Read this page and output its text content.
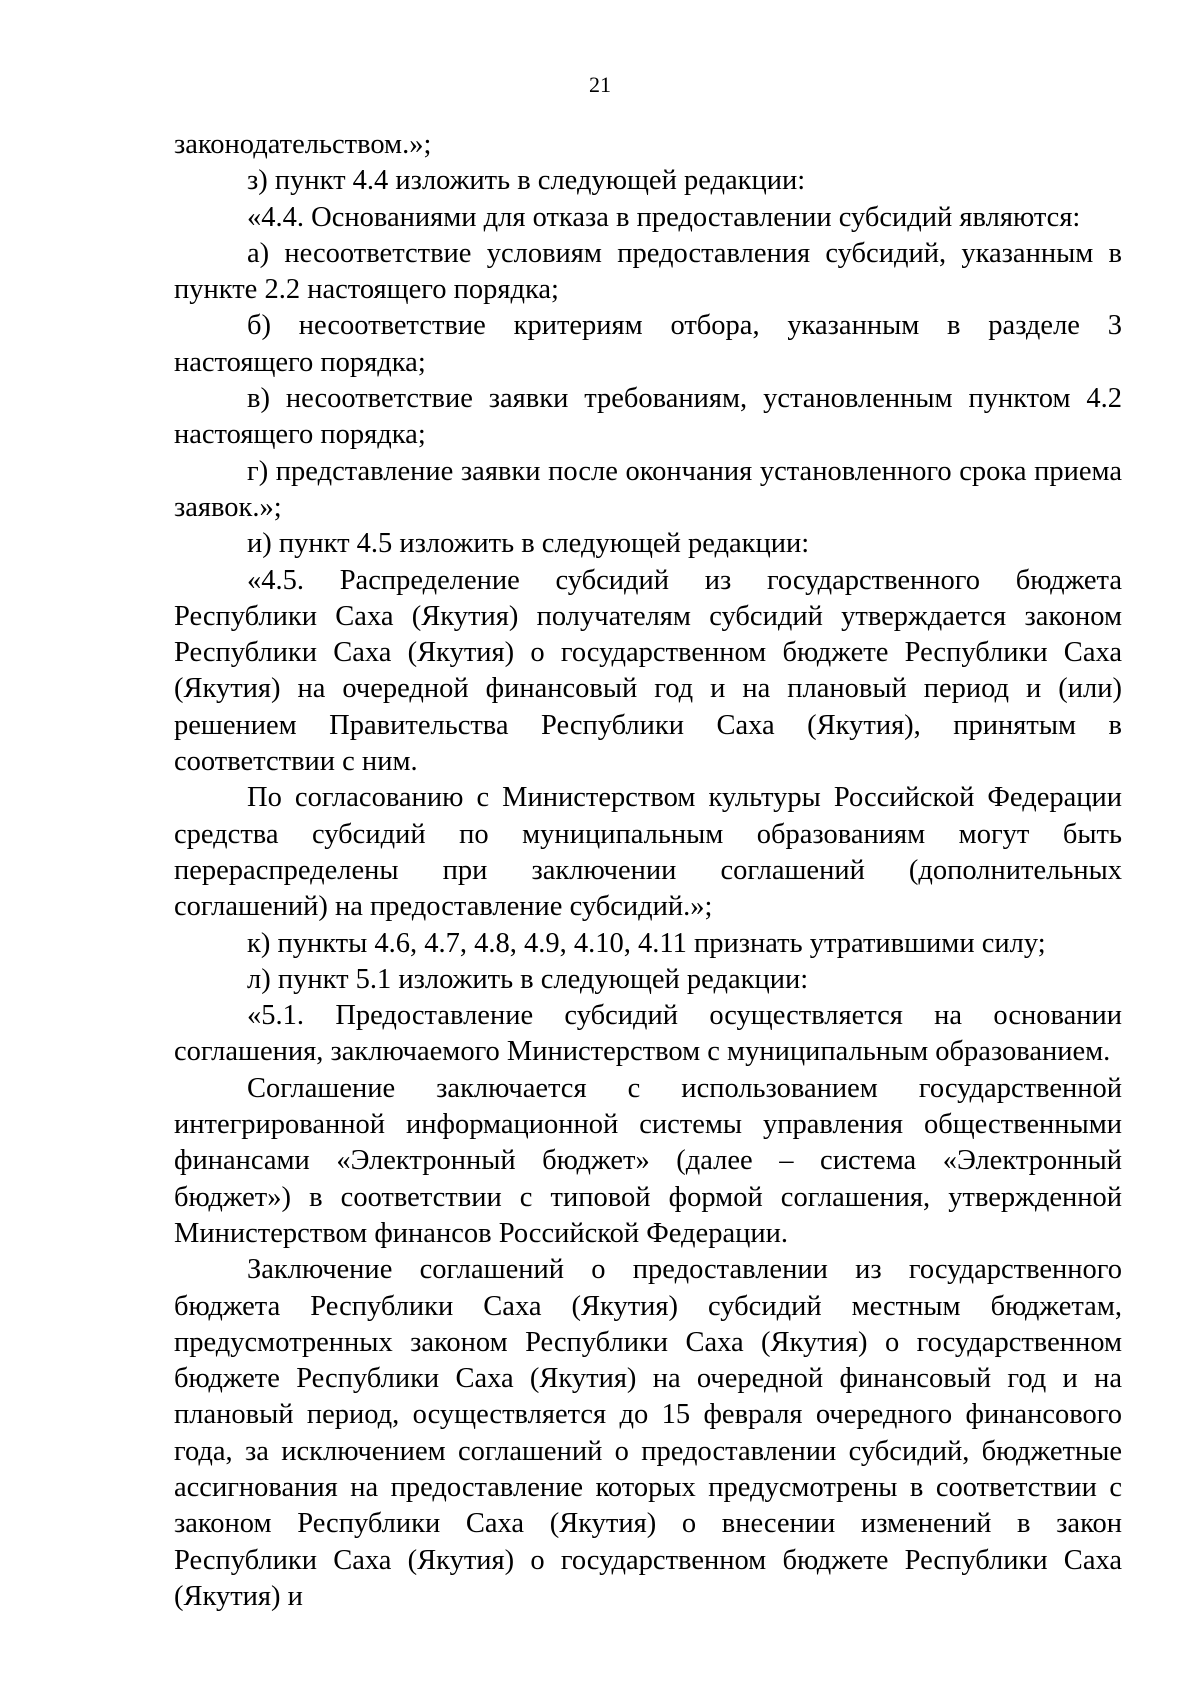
21

законодательством.»;

з) пункт 4.4 изложить в следующей редакции:

«4.4. Основаниями для отказа в предоставлении субсидий являются:

а) несоответствие условиям предоставления субсидий, указанным в пункте 2.2 настоящего порядка;

б) несоответствие критериям отбора, указанным в разделе 3 настоящего порядка;

в) несоответствие заявки требованиям, установленным пунктом 4.2 настоящего порядка;

г) представление заявки после окончания установленного срока приема заявок.»;

и) пункт 4.5 изложить в следующей редакции:

«4.5. Распределение субсидий из государственного бюджета Республики Саха (Якутия) получателям субсидий утверждается законом Республики Саха (Якутия) о государственном бюджете Республики Саха (Якутия) на очередной финансовый год и на плановый период и (или) решением Правительства Республики Саха (Якутия), принятым в соответствии с ним.

По согласованию с Министерством культуры Российской Федерации средства субсидий по муниципальным образованиям могут быть перераспределены при заключении соглашений (дополнительных соглашений) на предоставление субсидий.»;

к) пункты 4.6, 4.7, 4.8, 4.9, 4.10, 4.11 признать утратившими силу;

л) пункт 5.1 изложить в следующей редакции:

«5.1. Предоставление субсидий осуществляется на основании соглашения, заключаемого Министерством с муниципальным образованием.

Соглашение заключается с использованием государственной интегрированной информационной системы управления общественными финансами «Электронный бюджет» (далее – система «Электронный бюджет») в соответствии с типовой формой соглашения, утвержденной Министерством финансов Российской Федерации.

Заключение соглашений о предоставлении из государственного бюджета Республики Саха (Якутия) субсидий местным бюджетам, предусмотренных законом Республики Саха (Якутия) о государственном бюджете Республики Саха (Якутия) на очередной финансовый год и на плановый период, осуществляется до 15 февраля очередного финансового года, за исключением соглашений о предоставлении субсидий, бюджетные ассигнования на предоставление которых предусмотрены в соответствии с законом Республики Саха (Якутия) о внесении изменений в закон Республики Саха (Якутия) о государственном бюджете Республики Саха (Якутия) и
